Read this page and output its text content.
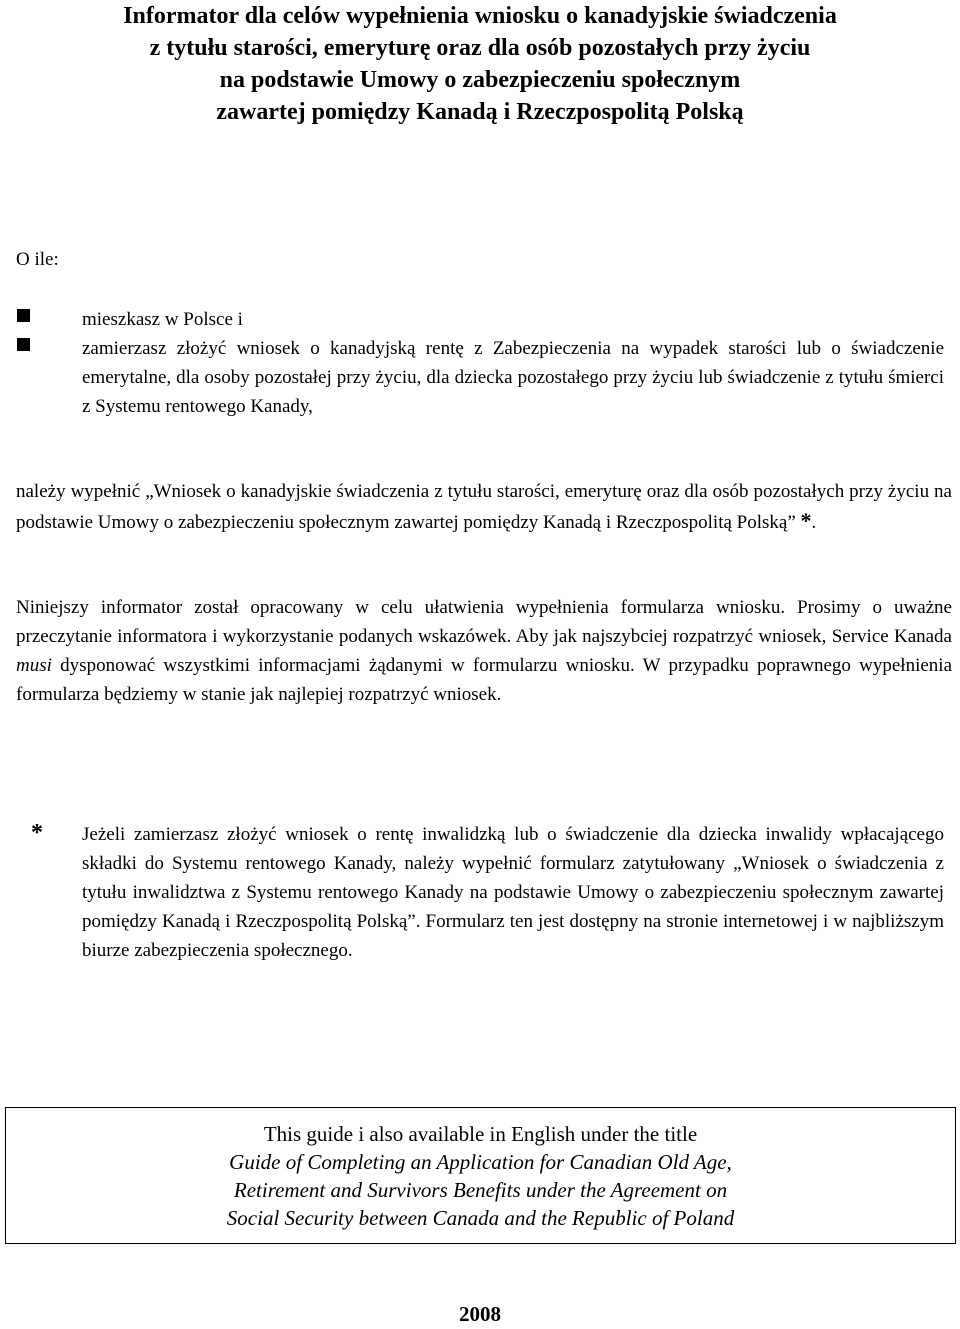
Informator dla celów wypełnienia wniosku o kanadyjskie świadczenia
z tytułu starości, emeryturę oraz dla osób pozostałych przy życiu
na podstawie Umowy o zabezpieczeniu społecznym
zawartej pomiędzy Kanadą i Rzeczpospolitą Polską
O ile:
mieszkasz w Polsce i
zamierzasz złożyć wniosek o kanadyjską rentę z Zabezpieczenia na wypadek starości lub o świadczenie emerytalne, dla osoby pozostałej przy życiu, dla dziecka pozostałego przy życiu lub świadczenie z tytułu śmierci z Systemu rentowego Kanady,
należy wypełnić „Wniosek o kanadyjskie świadczenia z tytułu starości, emeryturę oraz dla osób pozostałych przy życiu na podstawie Umowy o zabezpieczeniu społecznym zawartej pomiędzy Kanadą i Rzeczpospolitą Polską” *.
Niniejszy informator został opracowany w celu ułatwienia wypełnienia formularza wniosku. Prosimy o uważne przeczytanie informatora i wykorzystanie podanych wskazówek. Aby jak najszybciej rozpatrzyć wniosek, Service Kanada musi dysponować wszystkimi informacjami żądanymi w formularzu wniosku. W przypadku poprawnego wypełnienia formularza będziemy w stanie jak najlepiej rozpatrzyć wniosek.
* Jeżeli zamierzasz złożyć wniosek o rentę inwalidzką lub o świadczenie dla dziecka inwalidy wpłacającego składki do Systemu rentowego Kanady, należy wypełnić formularz zatytułowany „Wniosek o świadczenia z tytułu inwalidztwa z Systemu rentowego Kanady na podstawie Umowy o zabezpieczeniu społecznym zawartej pomiędzy Kanadą i Rzeczpospolitą Polską”. Formularz ten jest dostępny na stronie internetowej i w najbliższym biurze zabezpieczenia społecznego.
This guide i also available in English under the title
Guide of Completing an Application for Canadian Old Age,
Retirement and Survivors Benefits under the Agreement on
Social Security between Canada and the Republic of Poland
2008
